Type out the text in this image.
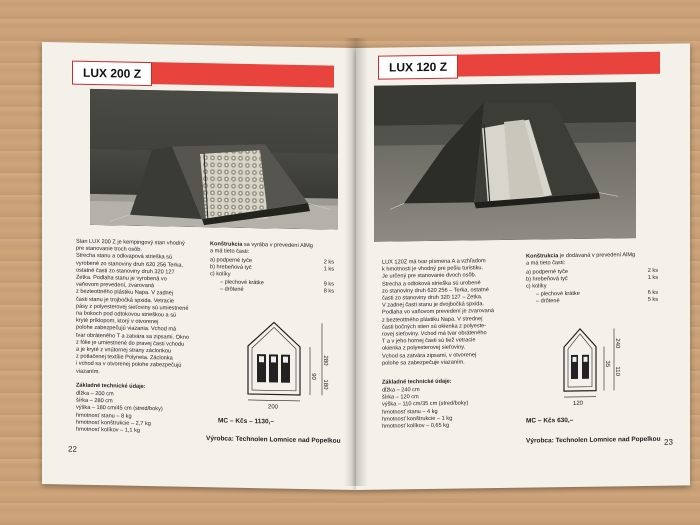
LUX 200 Z
Stan LUX 200 Z je kempingový stan vhodný
pre stanovanie troch osôb.
Strecha stanu a odkvapová strieška sú
vyrobené zo stanoviny druh 620 256 Terka,
ostatné časti zo stanoviny druh 320 127
Zetka. Podlaha stanu je vyrobená vo
vaňovom prevedení, zvarovaná
z bezteottného plástiku Napa. V zadnej
časti stanu je trojbočká spxida. Vetracie
pásy z polyesterovej sieťoviny sú umiestnené
na bokoch pod odtokovou strieškou a sú
kryté príklopom, ktorý v otvorenej
polohe zabezpečujú viazania. Vchod má
tvar obráteného T a zatvára sa zipsami. Okno
z fólie je umiestnené do pravej časti vchodu
a je kryté z vnútornej strany záclonkou
z potlačenej textílie Polyneta. Záclonka
i vchod sa v otvorenej polohe zabezpečujú
viazaním.
Základné technické údaje:
dĺžka – 200 cm
šírka – 280 cm
výška – 180 cm/45 cm (stred/boky)
hmotnosť stanu – 8 kg
hmotnosť konštrukcie – 2,7 kg
hmotnosť kolíkov – 1,1 kg
Konštrukcia sa vyrába v prevedení AlMg
a má tieto časti:
a) podperné tyče	2 ks
b) hrebeňová tyč	1 ks
c) kolíky
– plechové krátke	9 ks
– drôtené	8 ks
200
90
280
180
MC – Kčs – 1130,–
Výrobca: Technolen Lomnice nad Popelkou
22
LUX 120 Z
LUX 120Z má tvar písmena A a vzhľadom
k hmotnosti je vhodný pre pešiu turistiku.
Je určený pre stanovanie dvoch osôb.
Strecha a odtoková strieška sú urobené
zo stanoviny druh 620 256 – Terka, ostatné
časti zo stanoviny druh 320 127 – Zetka.
V zadnej časti stanu je dvojbočká spxida.
Podlaha vo vaňovom prevedení je zvarovaná
z bezteottného plástiku Napa. V strednej
časti bočných stien sú okienka z polyeste-
rovej sieťoviny. Vchod má tvar obráteného
T a v jeho hornej časti sú tiež vetracie
okienka z polyesterovej sieťoviny.
Vchod sa zatvára zipsami, v otvorenej
polohe sa zabezpečuje viazaním.
Základné technické údaje:
dĺžka – 240 cm
šírka – 120 cm
výška – 110 cm/35 cm (stred/boky)
hmotnosť stanu – 4 kg
hmotnosť konštrukcie – 1 kg
hmotnosť kolíkov – 0,65 kg
Konštrukcia je dodávaná v prevedení AlMg
a má tieto časti:
a) podperné tyče	2 ks
b) hrebeňová tyč	1 ks
c) kolíky
– plechové krátke	6 ks
– drôtené	5 ks
120
35
240
110
MC – Kčs 630,–
Výrobca: Technolen Lomnice nad Popelkou 23
